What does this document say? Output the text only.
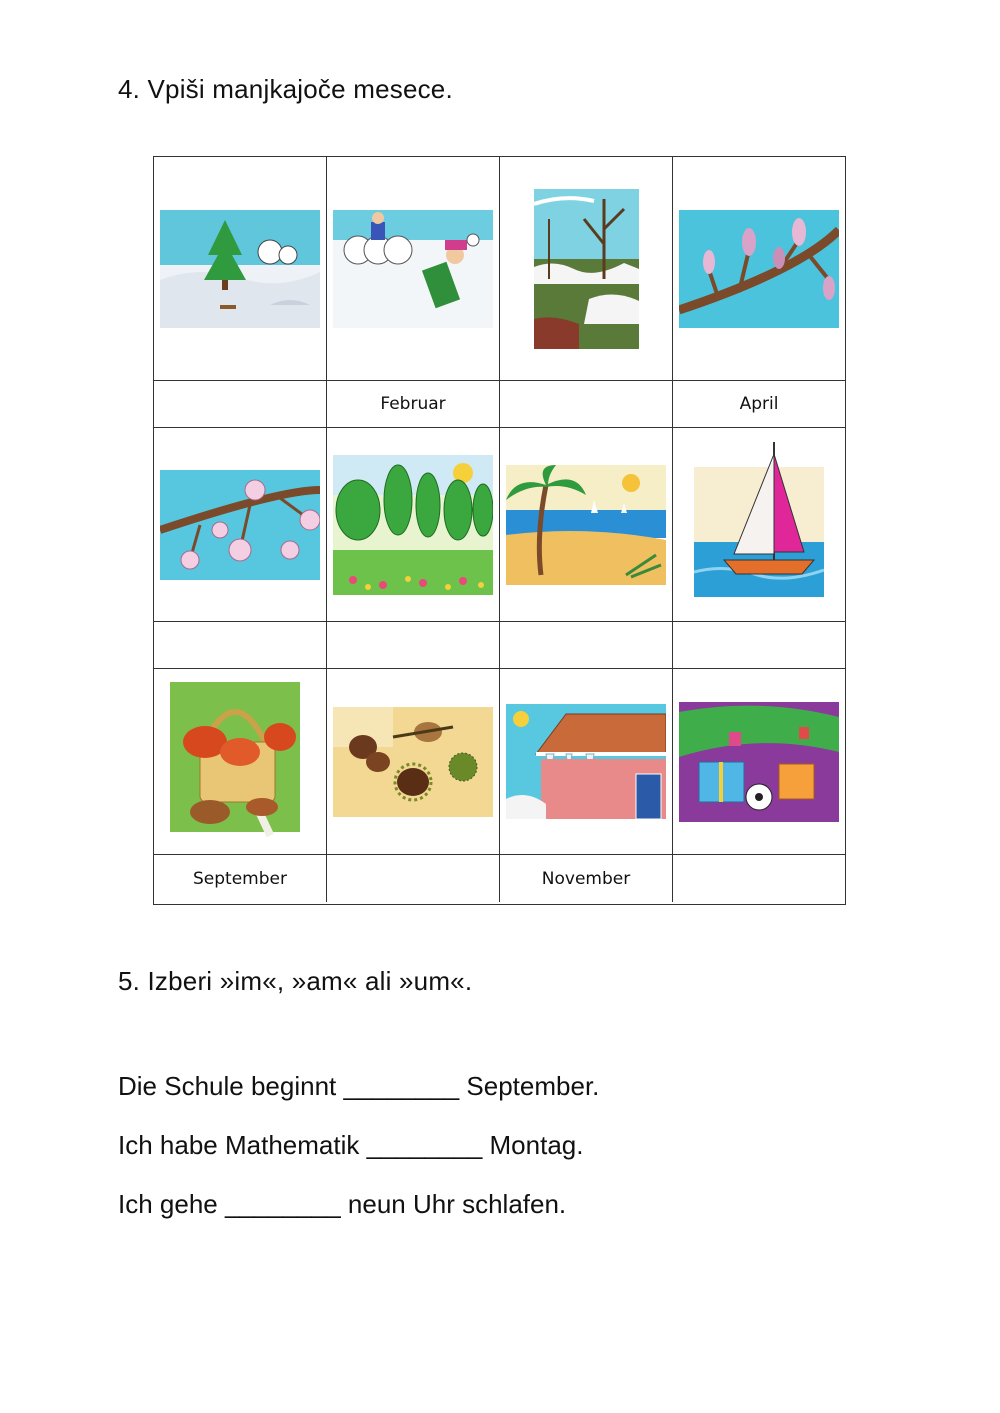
4. Vpiši manjkajoče mesece.
Februar	April
September	November
5. Izberi »im«, »am« ali »um«.
Die Schule beginnt ________ September.
Ich habe Mathematik ________ Montag.
Ich gehe ________ neun Uhr schlafen.
